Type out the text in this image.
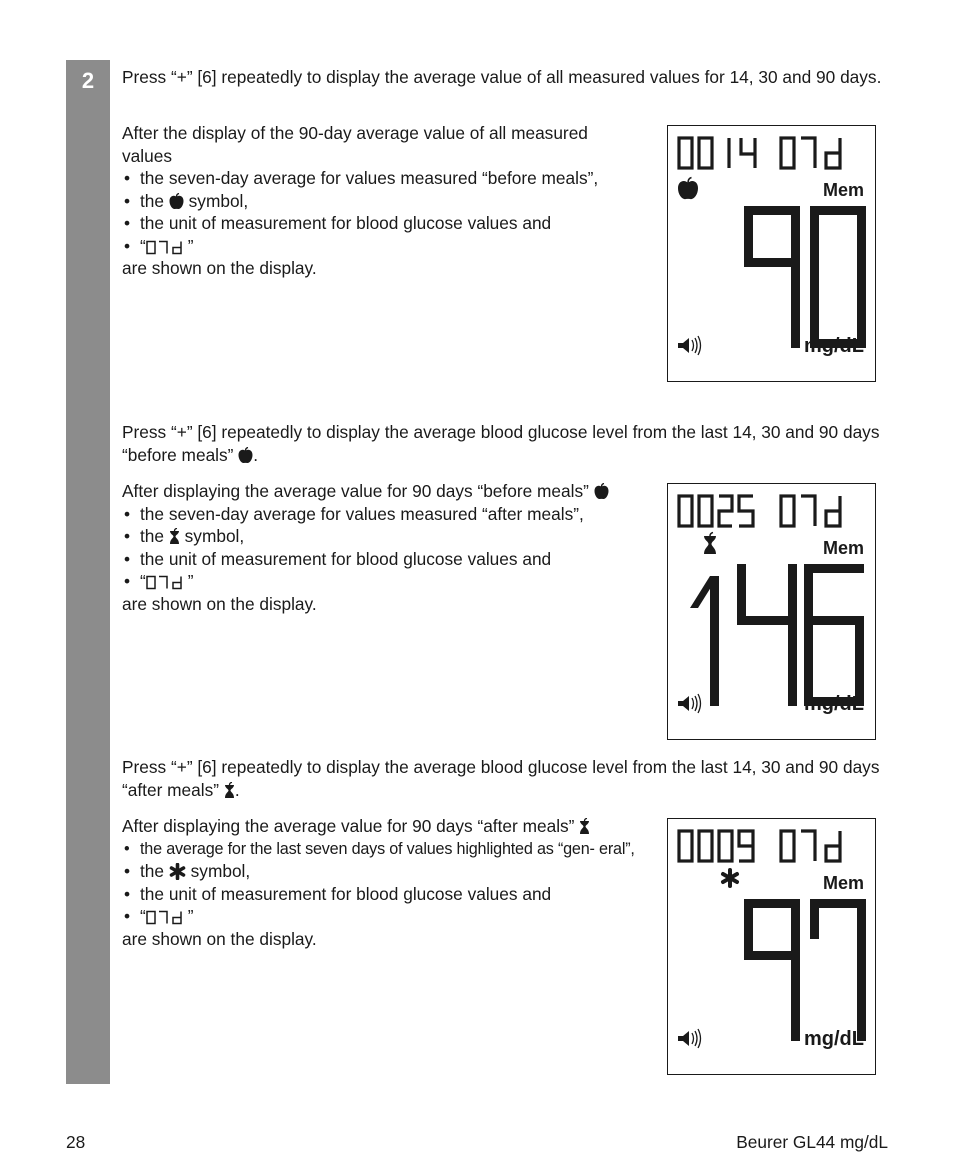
2	Press “+” [6] repeatedly to display the average value of all measured values for 14, 30 and 90 days.

After the display of the 90-day average value of all measured values

• the seven-day average for values measured “before meals”,
• the symbol,
• the unit of measurement for blood glucose values and
• “ ”

are shown on the display.

Mem
mg/dL

Press “+” [6] repeatedly to display the average blood glucose level from the last 14, 30 and 90 days “before meals” .

After displaying the average value for 90 days “before meals”

• the seven-day average for values measured “after meals”,
• the symbol,
• the unit of measurement for blood glucose values and
• “ ”

are shown on the display.

Mem
mg/dL

Press “+” [6] repeatedly to display the average blood glucose level from the last 14, 30 and 90 days “after meals” .

After displaying the average value for 90 days “after meals”

• the average for the last seven days of values highlighted as “gen- eral”,
• the symbol,
• the unit of measurement for blood glucose values and
• “ ”

are shown on the display.

Mem
mg/dL
28	Beurer GL44 mg/dL
